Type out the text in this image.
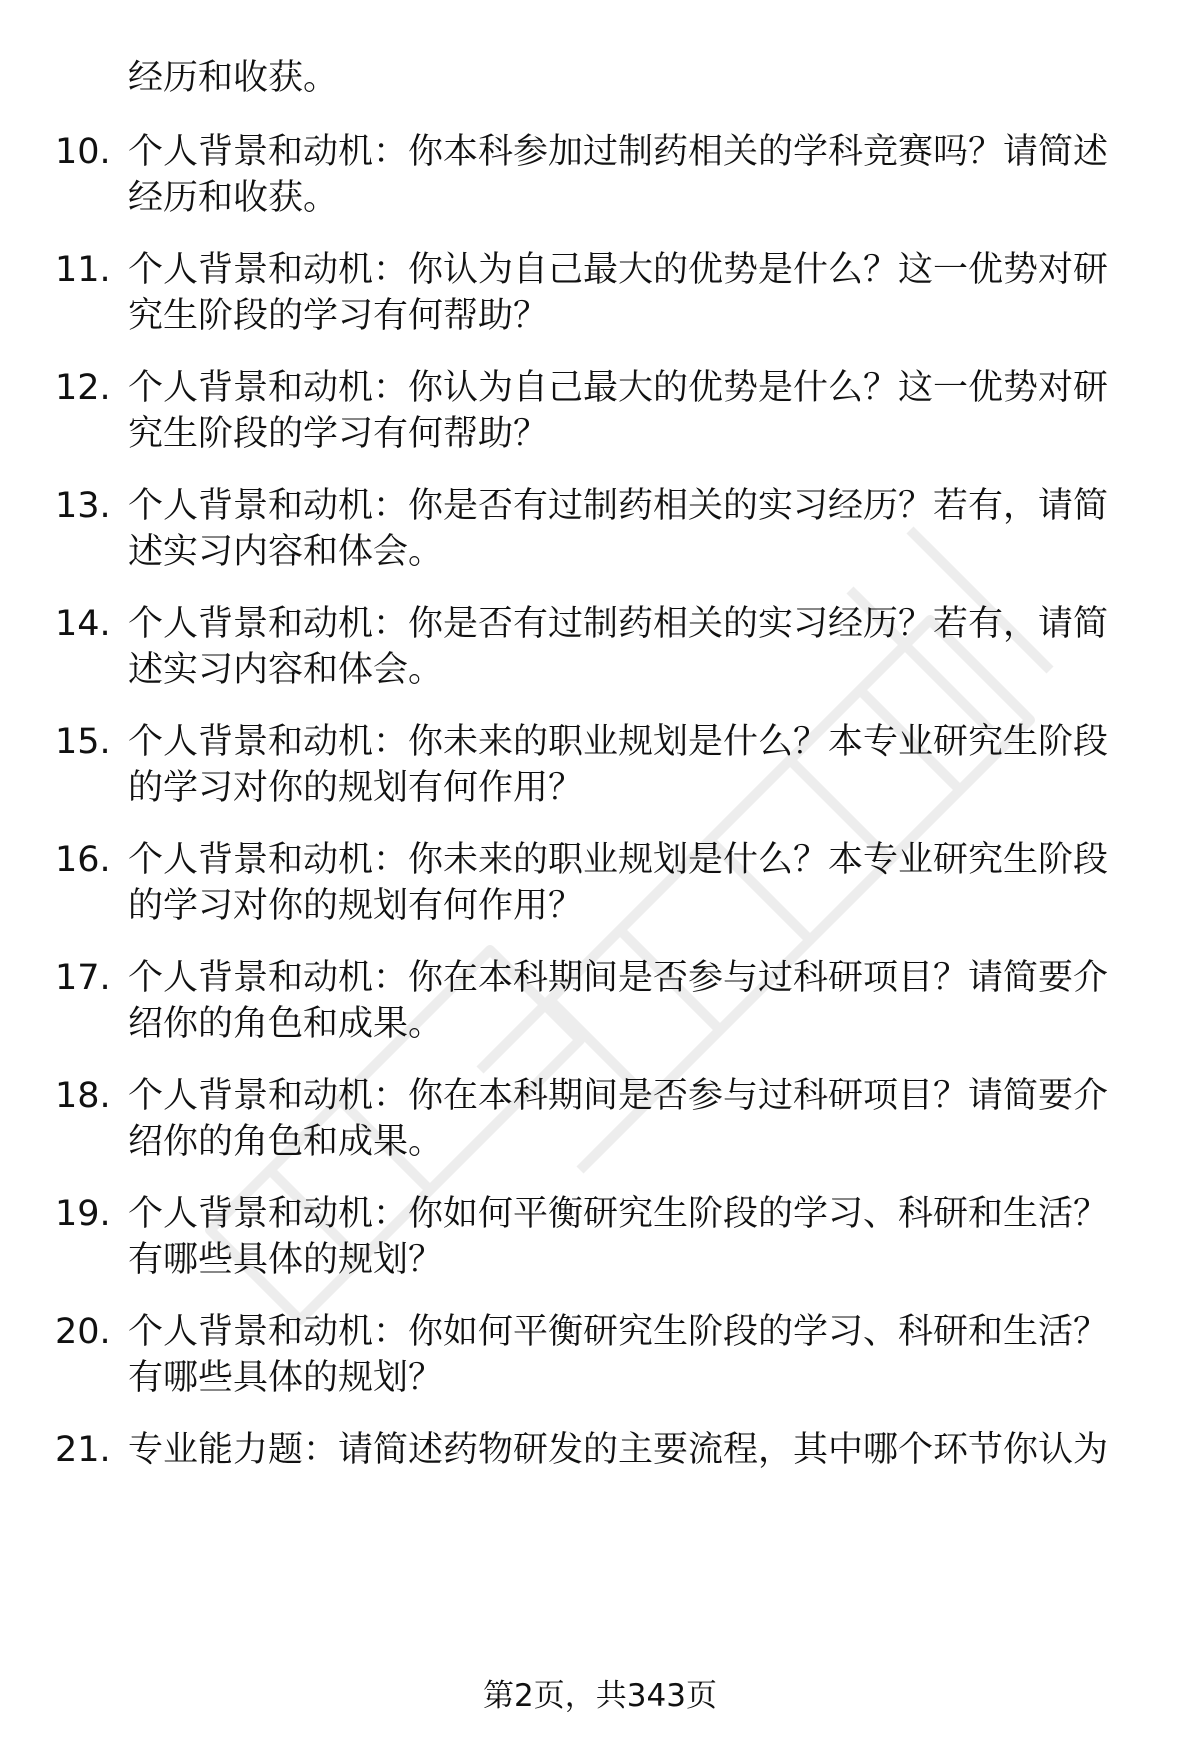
经历和收获。
10. 个人背景和动机：你本科参加过制药相关的学科竞赛吗？请简述经历和收获。
11. 个人背景和动机：你认为自己最大的优势是什么？这一优势对研究生阶段的学习有何帮助？
12. 个人背景和动机：你认为自己最大的优势是什么？这一优势对研究生阶段的学习有何帮助？
13. 个人背景和动机：你是否有过制药相关的实习经历？若有，请简述实习内容和体会。
14. 个人背景和动机：你是否有过制药相关的实习经历？若有，请简述实习内容和体会。
15. 个人背景和动机：你未来的职业规划是什么？本专业研究生阶段的学习对你的规划有何作用？
16. 个人背景和动机：你未来的职业规划是什么？本专业研究生阶段的学习对你的规划有何作用？
17. 个人背景和动机：你在本科期间是否参与过科研项目？请简要介绍你的角色和成果。
18. 个人背景和动机：你在本科期间是否参与过科研项目？请简要介绍你的角色和成果。
19. 个人背景和动机：你如何平衡研究生阶段的学习、科研和生活？有哪些具体的规划？
20. 个人背景和动机：你如何平衡研究生阶段的学习、科研和生活？有哪些具体的规划？
21. 专业能力题：请简述药物研发的主要流程，其中哪个环节你认为
第2页，共343页
